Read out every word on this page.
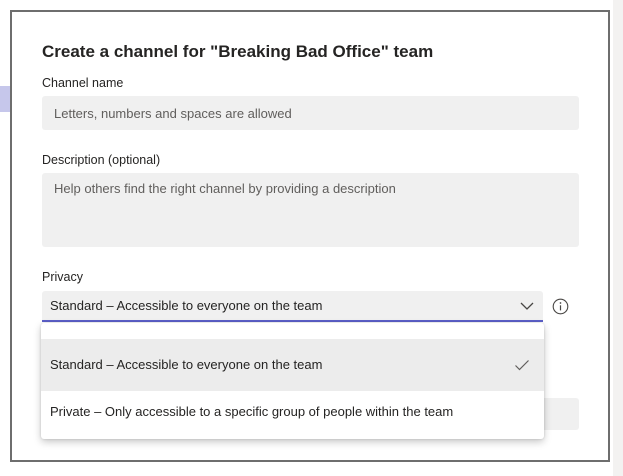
Create a channel for "Breaking Bad Office" team
Channel name
Letters, numbers and spaces are allowed
Description (optional)
Help others find the right channel by providing a description
Privacy
Standard – Accessible to everyone on the team
Standard – Accessible to everyone on the team
Private – Only accessible to a specific group of people within the team
